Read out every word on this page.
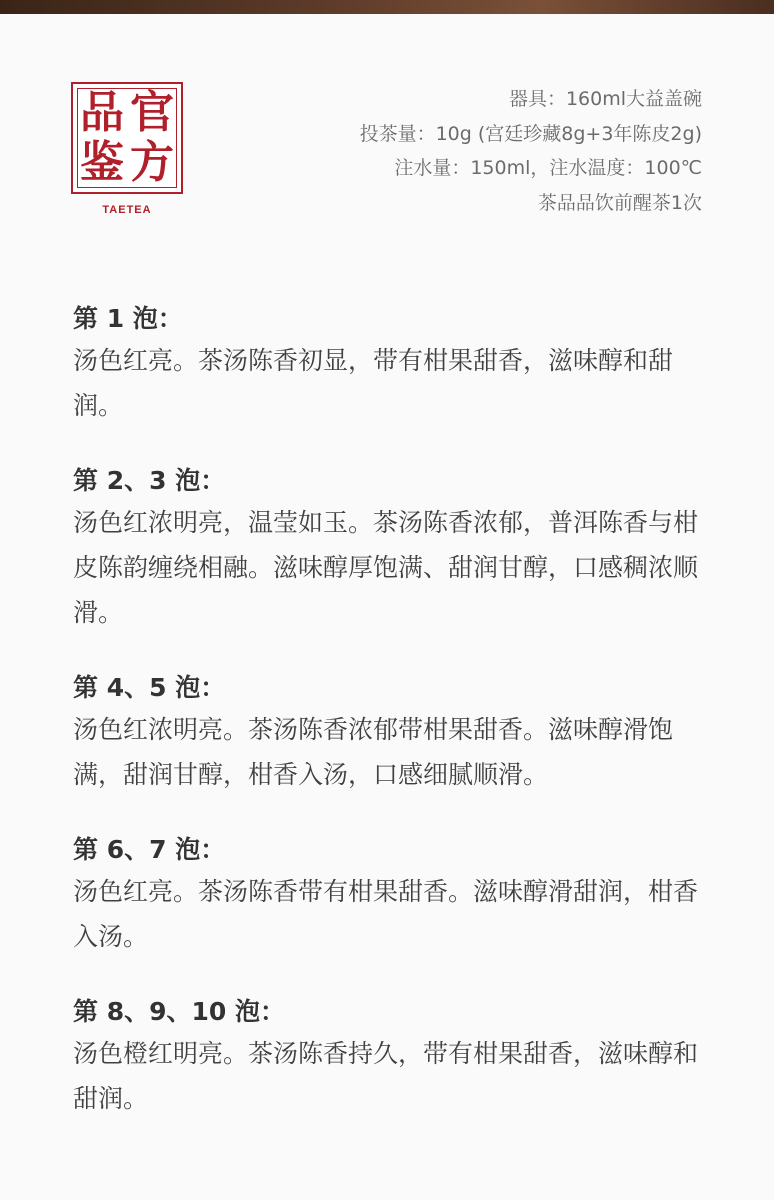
品 官
鉴 方
TAETEA
器具：160ml大益盖碗
投茶量：10g (宫廷珍藏8g+3年陈皮2g)
注水量：150ml，注水温度：100℃
茶品品饮前醒茶1次
第 1 泡：
汤色红亮。茶汤陈香初显，带有柑果甜香，滋味醇和甜润。
第 2、3 泡：
汤色红浓明亮，温莹如玉。茶汤陈香浓郁，普洱陈香与柑皮陈韵缠绕相融。滋味醇厚饱满、甜润甘醇，口感稠浓顺滑。
第 4、5 泡：
汤色红浓明亮。茶汤陈香浓郁带柑果甜香。滋味醇滑饱满，甜润甘醇，柑香入汤，口感细腻顺滑。
第 6、7 泡：
汤色红亮。茶汤陈香带有柑果甜香。滋味醇滑甜润，柑香入汤。
第 8、9、10 泡：
汤色橙红明亮。茶汤陈香持久，带有柑果甜香，滋味醇和甜润。
